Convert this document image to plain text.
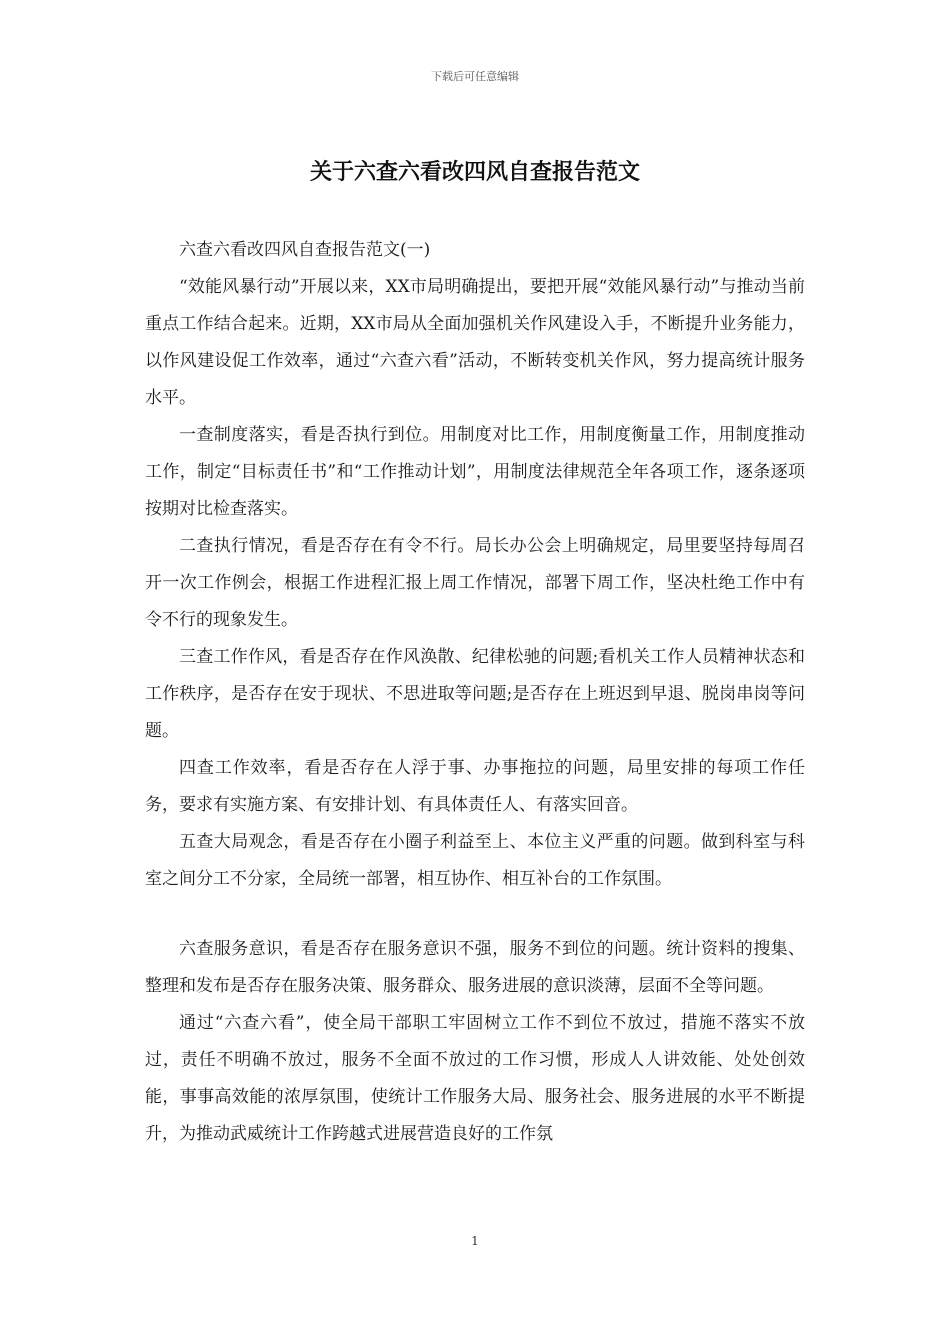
下载后可任意编辑
关于六查六看改四风自查报告范文

六查六看改四风自查报告范文(一)

“效能风暴行动”开展以来，XX市局明确提出，要把开展“效能风暴行动”与推动当前重点工作结合起来。近期，XX市局从全面加强机关作风建设入手，不断提升业务能力，以作风建设促工作效率，通过“六查六看”活动，不断转变机关作风，努力提高统计服务水平。

一查制度落实，看是否执行到位。用制度对比工作，用制度衡量工作，用制度推动工作，制定“目标责任书”和“工作推动计划”，用制度法律规范全年各项工作，逐条逐项按期对比检查落实。

二查执行情况，看是否存在有令不行。局长办公会上明确规定，局里要坚持每周召开一次工作例会，根据工作进程汇报上周工作情况，部署下周工作，坚决杜绝工作中有令不行的现象发生。

三查工作作风，看是否存在作风涣散、纪律松驰的问题;看机关工作人员精神状态和工作秩序，是否存在安于现状、不思进取等问题;是否存在上班迟到早退、脱岗串岗等问题。

四查工作效率，看是否存在人浮于事、办事拖拉的问题，局里安排的每项工作任务，要求有实施方案、有安排计划、有具体责任人、有落实回音。

五查大局观念，看是否存在小圈子利益至上、本位主义严重的问题。做到科室与科室之间分工不分家，全局统一部署，相互协作、相互补台的工作氛围。

六查服务意识，看是否存在服务意识不强，服务不到位的问题。统计资料的搜集、整理和发布是否存在服务决策、服务群众、服务进展的意识淡薄，层面不全等问题。

通过“六查六看”，使全局干部职工牢固树立工作不到位不放过，措施不落实不放过，责任不明确不放过，服务不全面不放过的工作习惯，形成人人讲效能、处处创效能，事事高效能的浓厚氛围，使统计工作服务大局、服务社会、服务进展的水平不断提升，为推动武威统计工作跨越式进展营造良好的工作氛

1
